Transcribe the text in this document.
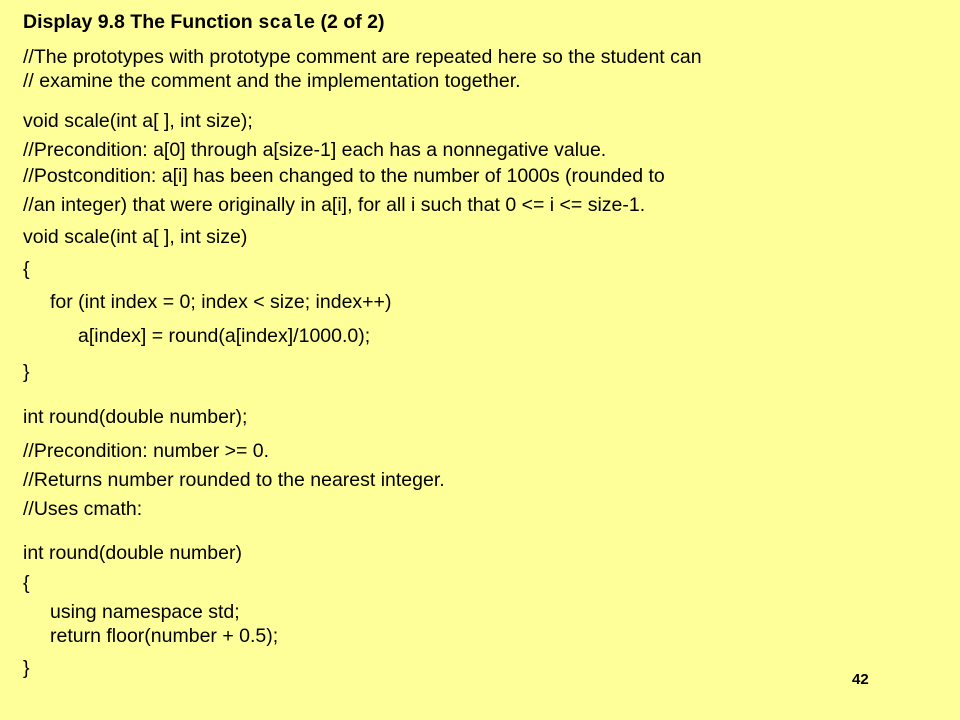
Display 9.8 The Function scale (2 of 2)
//The prototypes with prototype comment are repeated here so the student can
// examine the comment and the implementation together.
void scale(int a[ ], int size);
//Precondition: a[0] through a[size-1] each has a nonnegative value.
//Postcondition: a[i] has been changed to the number of 1000s (rounded to
//an integer) that were originally in a[i], for all i such that 0 <= i <= size-1.
void scale(int a[ ], int size)
{
for (int index = 0; index < size; index++)
a[index] = round(a[index]/1000.0);
}
int round(double number);
//Precondition: number >= 0.
//Returns number rounded to the nearest integer.
//Uses cmath:
int round(double number)
{
using namespace std;
return floor(number + 0.5);
}
42
